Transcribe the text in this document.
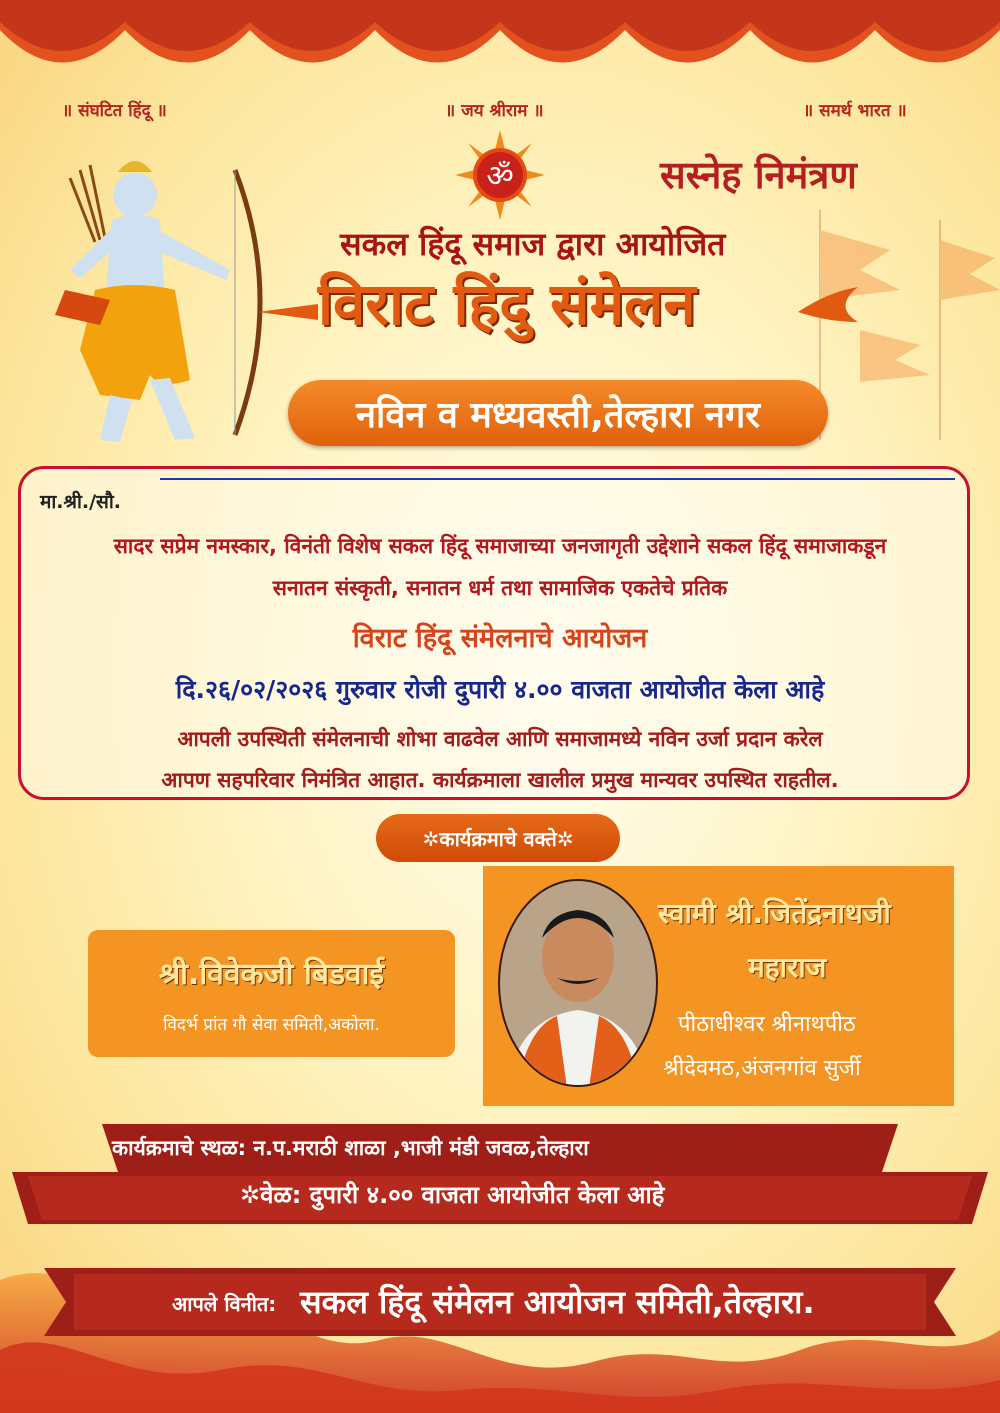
॥ संघटित हिंदू ॥	॥ जय श्रीराम ॥	॥ समर्थ भारत ॥
ॐ	सस्नेह निमंत्रण
सकल हिंदू समाज द्वारा आयोजित
विराट हिंदु संमेलन
नविन व मध्यवस्ती,तेल्हारा नगर
मा.श्री./सौ.
सादर सप्रेम नमस्कार, विनंती विशेष सकल हिंदू समाजाच्या जनजागृती उद्देशाने सकल हिंदू समाजाकडून
सनातन संस्कृती, सनातन धर्म तथा सामाजिक एकतेचे प्रतिक
विराट हिंदू संमेलनाचे आयोजन
दि.२६/०२/२०२६ गुरुवार रोजी दुपारी ४.०० वाजता आयोजीत केला आहे
आपली उपस्थिती संमेलनाची शोभा वाढवेल आणि समाजामध्ये नविन उर्जा प्रदान करेल
आपण सहपरिवार निमंत्रित आहात. कार्यक्रमाला खालील प्रमुख मान्यवर उपस्थित राहतील.
✲कार्यक्रमाचे वक्ते✲
श्री.विवेकजी बिडवाई
विदर्भ प्रांत गौ सेवा समिती,अकोला.
स्वामी श्री.जितेंद्रनाथजी
महाराज
पीठाधीश्वर श्रीनाथपीठ
श्रीदेवमठ,अंजनगांव सुर्जी
कार्यक्रमाचे स्थळ: न.प.मराठी शाळा ,भाजी मंडी जवळ,तेल्हारा
✲वेळ: दुपारी ४.०० वाजता आयोजीत केला आहे
आपले विनीत: सकल हिंदू संमेलन आयोजन समिती,तेल्हारा.
